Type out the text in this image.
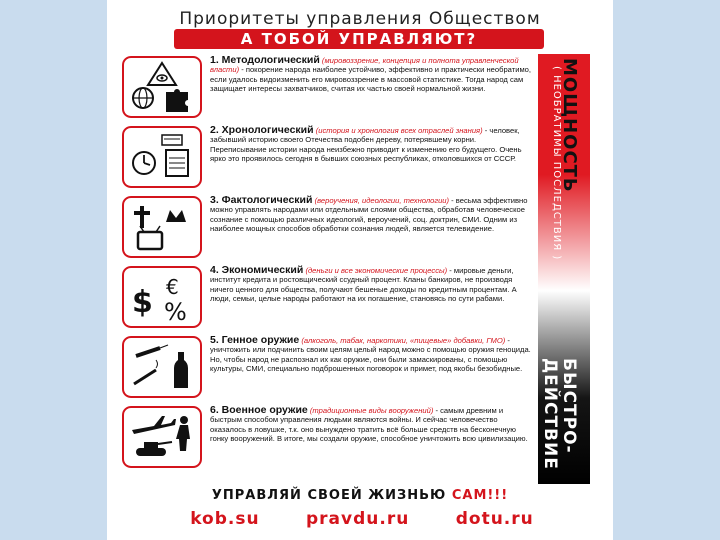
Приоритеты управления Обществом
А ТОБОЙ УПРАВЛЯЮТ?
1. Методологический (мировоззрение, концепция и полнота управленческой власти) - покорение народа наиболее устойчиво, эффективно и практически необратимо, если удалось видоизменить его мировоззрение в массовой статистике. Тогда народ сам защищает интересы захватчиков, считая их частью своей нормальной жизни.
2. Хронологический (история и хронология всех отраслей знания) - человек, забывший историю своего Отечества подобен дереву, потерявшему корни. Переписывание истории народа неизбежно приводит к изменению его будущего. Очень ярко это проявилось сегодня в бывших союзных республиках, отколовшихся от СССР.
3. Фактологический (вероучения, идеологии, технологии) - весьма эффективно можно управлять народами или отдельными слоями общества, обработав человеческое сознание с помощью различных идеологий, вероучений, соц. доктрин, СМИ. Одним из наиболее мощных способов обработки сознания людей, является телевидение.
$ €
%
4. Экономический (деньги и все экономические процессы) - мировые деньги, институт кредита и ростовщический ссудный процент. Кланы банкиров, не производя ничего ценного для общества, получают бешеные доходы по кредитным процентам. А люди, семьи, целые народы работают на их погашение, становясь по сути рабами.
5. Генное оружие (алкоголь, табак, наркотики, «пищевые» добавки, ГМО) - уничтожить или подчинить своим целям целый народ можно с помощью оружия геноцида. Но, чтобы народ не распознал их как оружие, они были замаскированы, с помощью культуры, СМИ, специально подброшенных поговорок и примет, под якобы безобидные.
6. Военное оружие (традиционные виды вооружений) - самым древним и быстрым способом управления людьми являются войны. И сейчас человечество оказалось в ловушке, т.к. оно вынуждено тратить всё больше средств на бесконечную гонку вооружений. В итоге, мы создали оружие, способное уничтожить всю цивилизацию.
МОЩНОСТЬ
( НЕОБРАТИМЫ ПОСЛЕДСТВИЯ )
БЫСТРО- ДЕЙСТВИЕ
УПРАВЛЯЙ СВОЕЙ ЖИЗНЬЮ САМ!!!
kob.su	pravdu.ru	dotu.ru
